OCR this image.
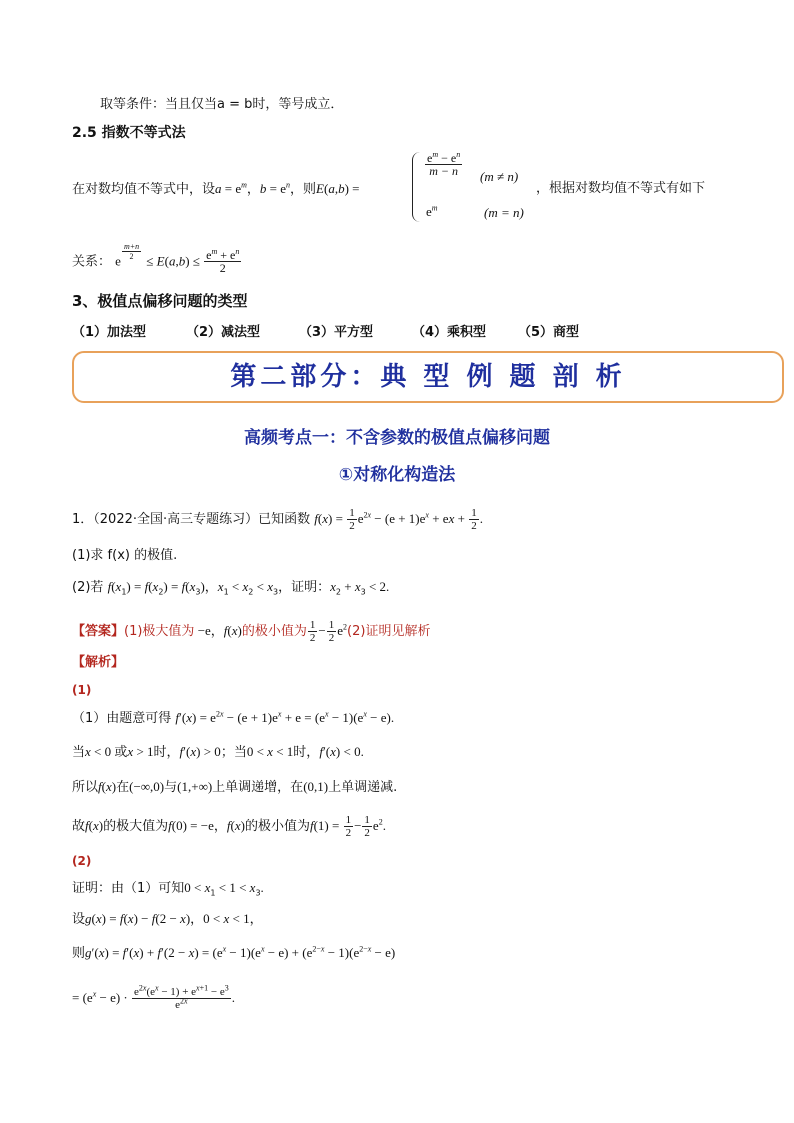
取等条件：当且仅当a = b时，等号成立．
2.5 指数不等式法
在对数均值不等式中，设$a = e^m$，$b = e^n$，则E(a,b) =
$\frac{e^m - e^n}{m - n} (m \ne n)$
$e^m$	(m = n)
，根据对数均值不等式有如下
关系： e $^{\frac{m+n}{2}} \le E(a,b) \le \frac{e^m + e^n}{2}$
3、极值点偏移问题的类型
（1）加法型	（2）减法型	（3）平方型	（4）乘积型 （5）商型
第二部分：典 型 例 题 剖 析
高频考点一：不含参数的极值点偏移问题
①对称化构造法
1．（2022·全国·高三专题练习）已知函数 $f(x) = \frac{1}{2} e^{2x} - (e + 1)e^x$ + ex + $\frac{1}{2}$ .
(1)求 f(x) 的极值.
(2)若 $f(x_1) = f(x_2) = f(x_3)$，$x_1 < x_2 < x_3$，证明：$x_2 + x_3 < 2$.
【答案】(1)极大值为 −e，f(x)的极小值为 $\frac{1}{2} - \frac{1}{2} e^2(2)$证明见解析
【解析】
(1)
（1）由题意可得 $f'(x) = e^{2x} - (e + 1)e^x + e = (e^x - 1)(e^x - e)$.
当x < 0 或x > 1时，f′(x) > 0；当0 < x < 1时，f′(x) < 0.
所以f(x)在(−∞,0)与(1,+∞)上单调递增，在(0,1)上单调递减.
故f(x)的极大值为f(0) = −e，f(x)的极小值为$f(1) = \frac{1}{2} - \frac{1}{2} e^2$.
(2)
证明：由（1）可知$0 < x_1 < 1 < x_3$.
设g(x) = f(x) − f(2 − x)，0 < x < 1，
则$g'(x) = f'(x) + f'(2 - x) = (e^x - 1)(e^x - e) + (e^{2-x} - 1)(e^{2-x} - e)$
= $(e^x - e) \cdot \frac{e^{2x}(e^x - 1) + e^{x+1} - e^3}{e^{2x}}$ .
